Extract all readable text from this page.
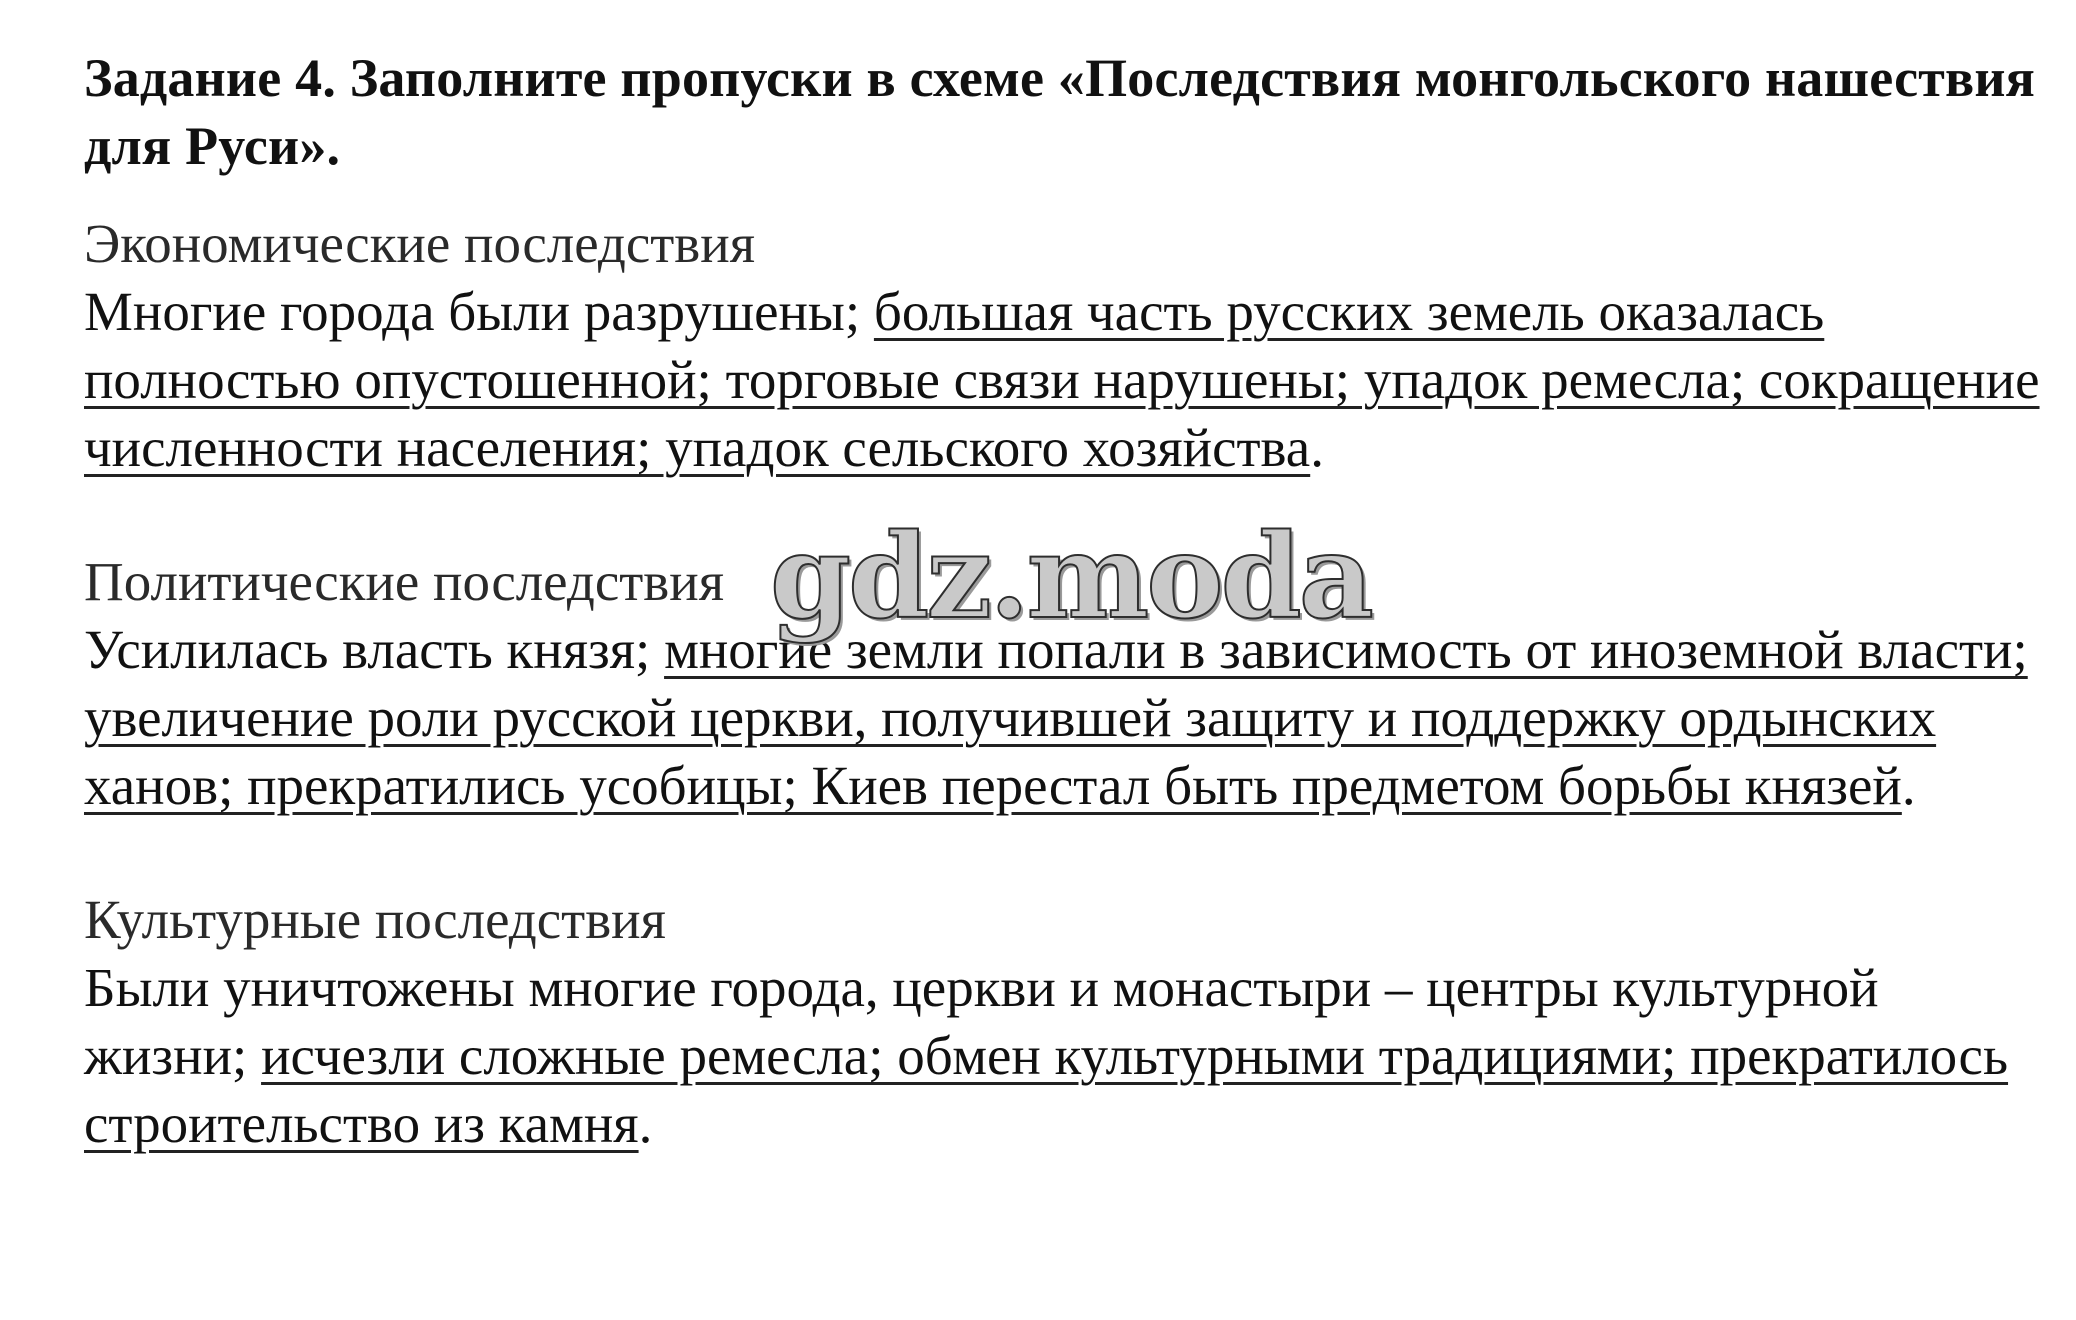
Задание 4. Заполните пропуски в схеме «Последствия монгольского нашествия для Руси».

Экономические последствия

Многие города были разрушены; большая часть русских земель оказалась полностью опустошенной; торговые связи нарушены; упадок ремесла; сокращение численности населения; упадок сельского хозяйства.

Политические последствия

Усилилась власть князя; многие земли попали в зависимость от иноземной власти; увеличение роли русской церкви, получившей защиту и поддержку ордынских ханов; прекратились усобицы; Киев перестал быть предметом борьбы князей.

Культурные последствия

Были уничтожены многие города, церкви и монастыри – центры культурной жизни; исчезли сложные ремесла; обмен культурными традициями; прекратилось строительство из камня.

gdz.moda
